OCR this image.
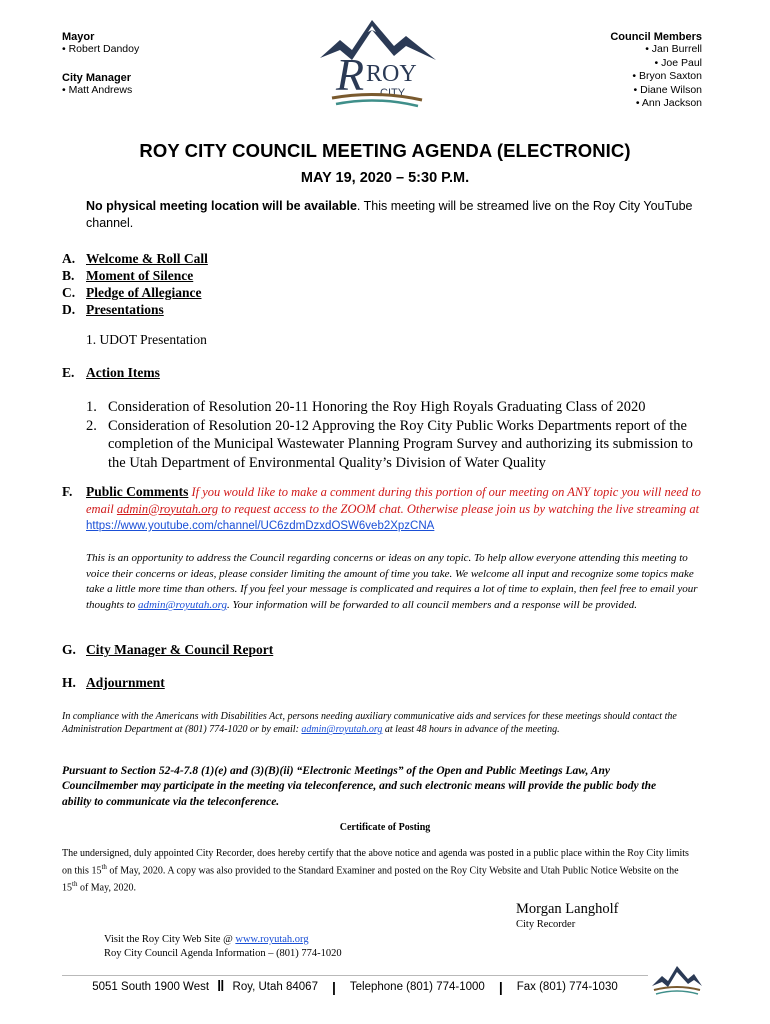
Mayor
• Robert Dandoy
City Manager
• Matt Andrews	R ROY
CITY
Council Members
• Jan Burrell
• Joe Paul
• Bryon Saxton
• Diane Wilson
• Ann Jackson
ROY CITY COUNCIL MEETING AGENDA (ELECTRONIC)
MAY 19, 2020 – 5:30 P.M.
No physical meeting location will be available. This meeting will be streamed live on the Roy City YouTube channel.
A. Welcome & Roll Call
B. Moment of Silence
C. Pledge of Allegiance
D. Presentations
1. UDOT Presentation
E. Action Items
1. Consideration of Resolution 20-11 Honoring the Roy High Royals Graduating Class of 2020
2. Consideration of Resolution 20-12 Approving the Roy City Public Works Departments report of the completion of the Municipal Wastewater Planning Program Survey and authorizing its submission to the Utah Department of Environmental Quality’s Division of Water Quality
F.	Public Comments If you would like to make a comment during this portion of our meeting on ANY topic you will need to email admin@royutah.org to request access to the ZOOM chat. Otherwise please join us by watching the live streaming at https://www.youtube.com/channel/UC6zdmDzxdOSW6veb2XpzCNA
This is an opportunity to address the Council regarding concerns or ideas on any topic. To help allow everyone attending this meeting to voice their concerns or ideas, please consider limiting the amount of time you take. We welcome all input and recognize some topics make take a little more time than others. If you feel your message is complicated and requires a lot of time to explain, then feel free to email your thoughts to admin@royutah.org. Your information will be forwarded to all council members and a response will be provided.
G. City Manager & Council Report
H. Adjournment
In compliance with the Americans with Disabilities Act, persons needing auxiliary communicative aids and services for these meetings should contact the Administration Department at (801) 774-1020 or by email: admin@royutah.org at least 48 hours in advance of the meeting.
Pursuant to Section 52-4-7.8 (1)(e) and (3)(B)(ii) “Electronic Meetings” of the Open and Public Meetings Law, Any Councilmember may participate in the meeting via teleconference, and such electronic means will provide the public body the ability to communicate via the teleconference.
Certificate of Posting
The undersigned, duly appointed City Recorder, does hereby certify that the above notice and agenda was posted in a public place within the Roy City limits on this 15th of May, 2020. A copy was also provided to the Standard Examiner and posted on the Roy City Website and Utah Public Notice Website on the 15th of May, 2020.
Morgan Langholf
City Recorder
Visit the Roy City Web Site @ www.royutah.org
Roy City Council Agenda Information – (801) 774-1020
5051 South 1900 West ‖ Roy, Utah 84067 | Telephone (801) 774-1000 | Fax (801) 774-1030
